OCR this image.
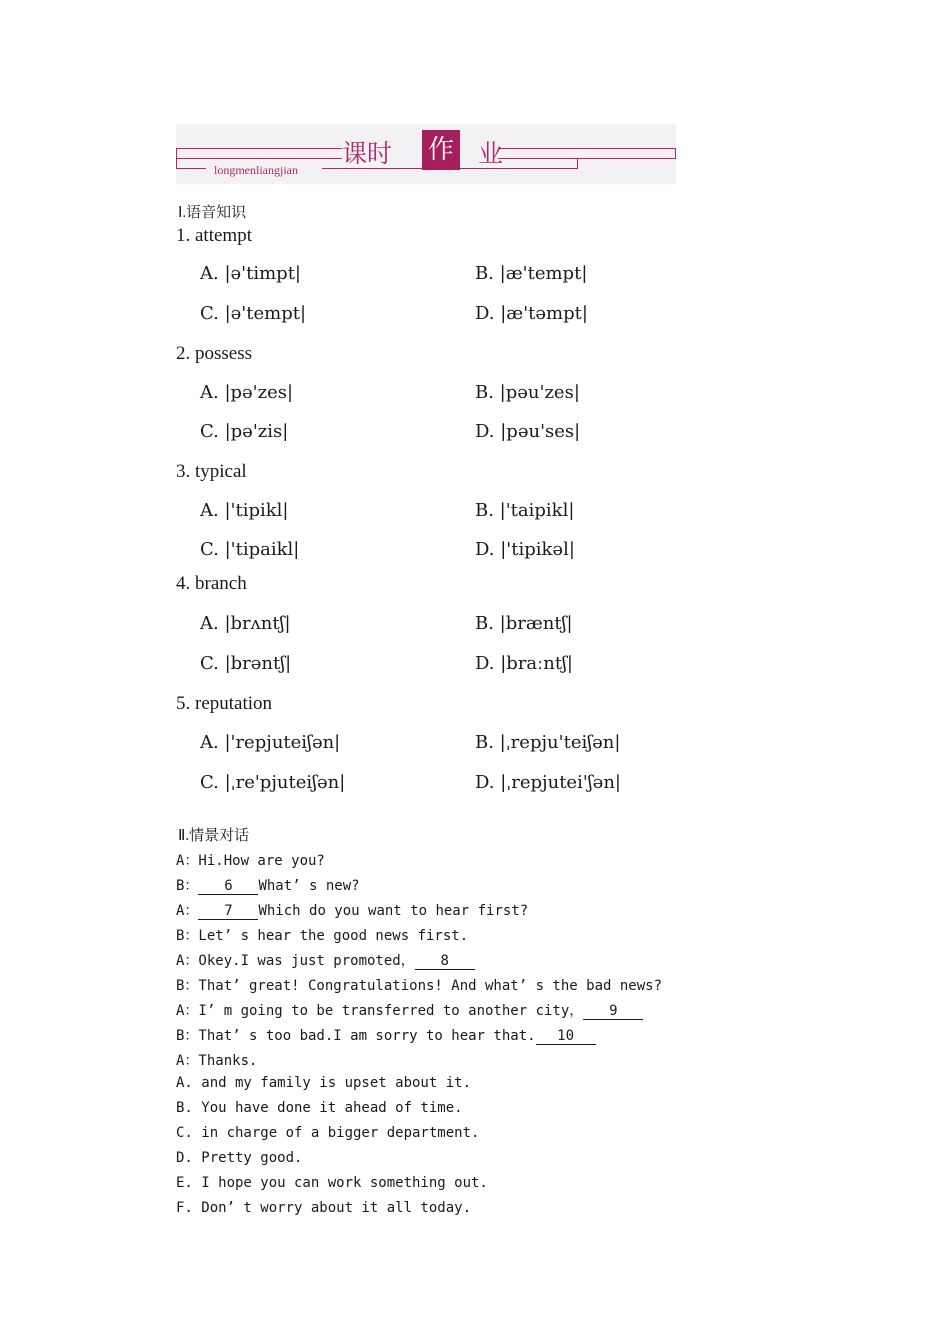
课时 作 业
longmenliangjian
Ⅰ.语音知识
1. attempt
A. |ə'timpt|	B. |æ'tempt|
C. |ə'tempt|	D. |æ'təmpt|
2. possess
A. |pə'zes|	B. |pəu'zes|
C. |pə'zis|	D. |pəu'ses|
3. typical
A. |'tipikl|	B. |'taipikl|
C. |'tipaikl|	D. |'tipikəl|
4. branch
A. |brʌntʃ|	B. |bræntʃ|
C. |brəntʃ|	D. |braːntʃ|
5. reputation
A. |'repjuteiʃən|	B. |ˌrepju'teiʃən|
C. |ˌre'pjuteiʃən|	D. |ˌrepjutei'ʃən|
Ⅱ.情景对话
A：Hi.How are you?
B： 6 What’ s new?
A： 7 Which do you want to hear first?
B：Let’ s hear the good news first.
A：Okey.I was just promoted， 8
B：That’ great! Congratulations! And what’ s the bad news?
A：I’ m going to be transferred to another city， 9
B：That’ s too bad.I am sorry to hear that. 10
A：Thanks.
A. and my family is upset about it.
B. You have done it ahead of time.
C. in charge of a bigger department.
D. Pretty good.
E. I hope you can work something out.
F. Don’ t worry about it all today.
